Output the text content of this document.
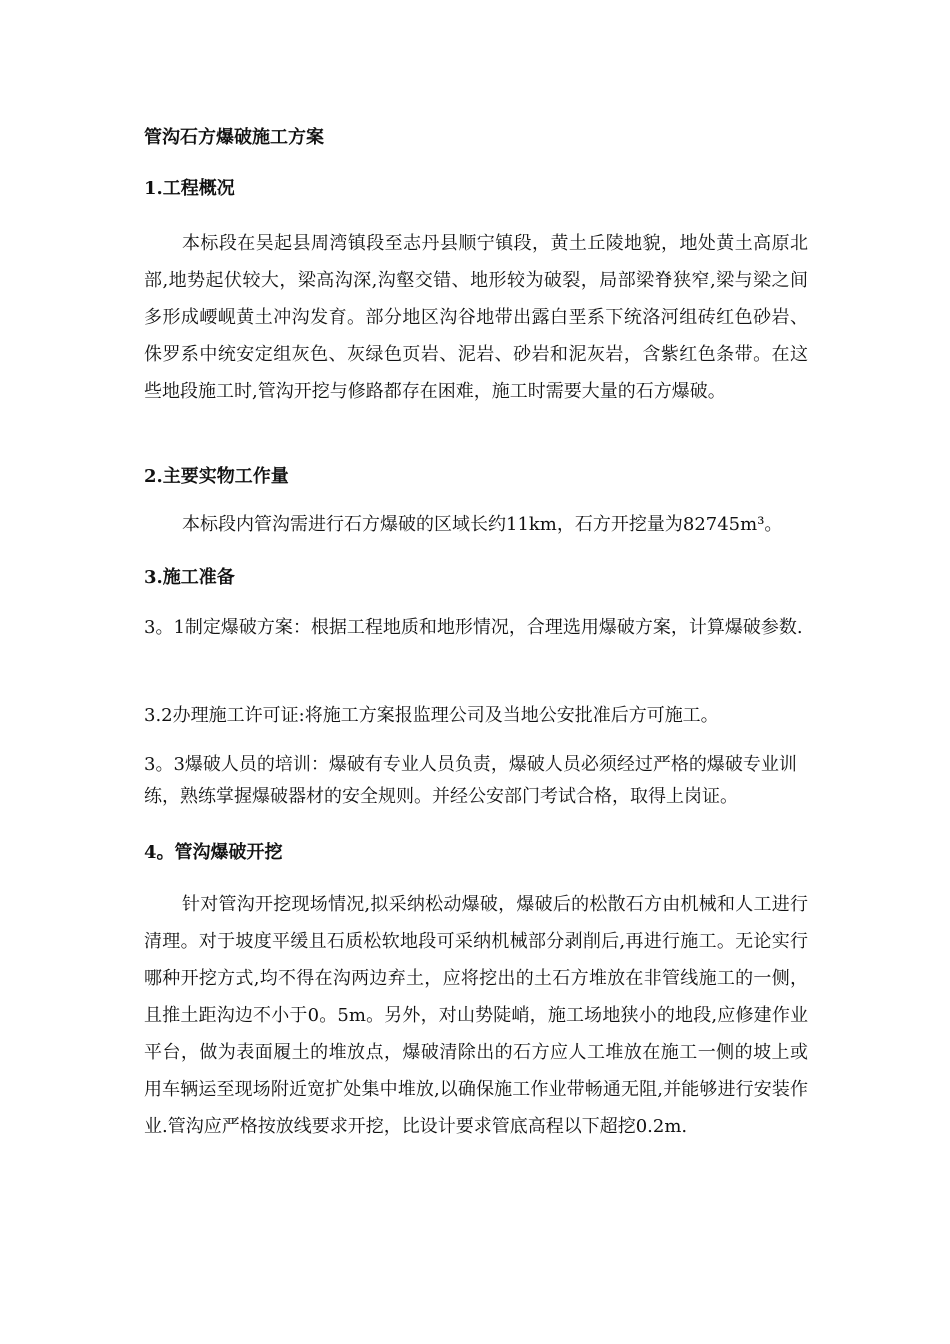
管沟石方爆破施工方案
1.工程概况

本标段在吴起县周湾镇段至志丹县顺宁镇段，黄土丘陵地貌，地处黄土高原北部,地势起伏较大，梁高沟深,沟壑交错、地形较为破裂，局部梁脊狭窄,梁与梁之间多形成崾岘黄土冲沟发育。部分地区沟谷地带出露白垩系下统洛河组砖红色砂岩、侏罗系中统安定组灰色、灰绿色页岩、泥岩、砂岩和泥灰岩，含紫红色条带。在这些地段施工时,管沟开挖与修路都存在困难，施工时需要大量的石方爆破。

2.主要实物工作量

本标段内管沟需进行石方爆破的区域长约11km，石方开挖量为82745m³。

3.施工准备

3。1制定爆破方案：根据工程地质和地形情况，合理选用爆破方案，计算爆破参数.

3.2办理施工许可证:将施工方案报监理公司及当地公安批准后方可施工。

3。3爆破人员的培训：爆破有专业人员负责，爆破人员必须经过严格的爆破专业训练，熟练掌握爆破器材的安全规则。并经公安部门考试合格，取得上岗证。

4。管沟爆破开挖

针对管沟开挖现场情况,拟采纳松动爆破，爆破后的松散石方由机械和人工进行清理。对于坡度平缓且石质松软地段可采纳机械部分剥削后,再进行施工。无论实行哪种开挖方式,均不得在沟两边弃土，应将挖出的土石方堆放在非管线施工的一侧，且推土距沟边不小于0。5m。另外，对山势陡峭，施工场地狭小的地段,应修建作业平台，做为表面履土的堆放点，爆破清除出的石方应人工堆放在施工一侧的坡上或用车辆运至现场附近宽扩处集中堆放,以确保施工作业带畅通无阻,并能够进行安装作业.管沟应严格按放线要求开挖，比设计要求管底高程以下超挖0.2m.
